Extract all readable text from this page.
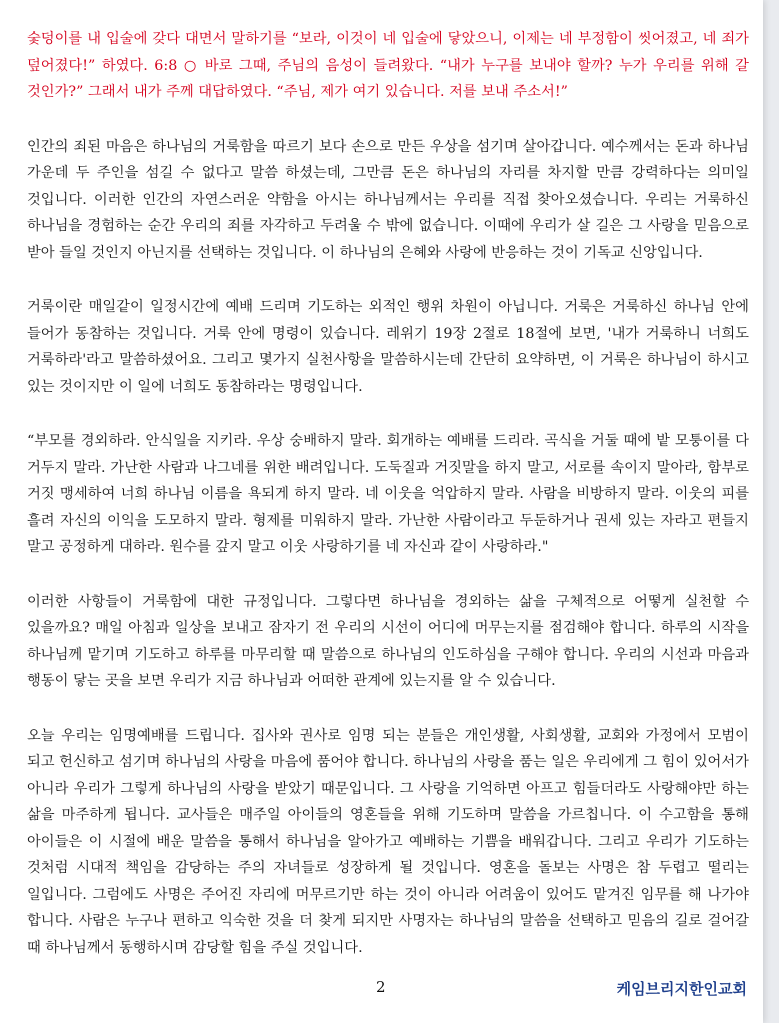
숯덩이를 내 입술에 갖다 대면서 말하기를 “보라, 이것이 네 입술에 닿았으니, 이제는 네 부정함이 씻어졌고, 네 죄가 덮어졌다!” 하였다. 6:8 ○ 바로 그때, 주님의 음성이 들려왔다. “내가 누구를 보내야 할까? 누가 우리를 위해 갈 것인가?” 그래서 내가 주께 대답하였다. “주님, 제가 여기 있습니다. 저를 보내 주소서!”

인간의 죄된 마음은 하나님의 거룩함을 따르기 보다 손으로 만든 우상을 섬기며 살아갑니다. 예수께서는 돈과 하나님 가운데 두 주인을 섬길 수 없다고 말씀 하셨는데, 그만큼 돈은 하나님의 자리를 차지할 만큼 강력하다는 의미일 것입니다. 이러한 인간의 자연스러운 약함을 아시는 하나님께서는 우리를 직접 찾아오셨습니다. 우리는 거룩하신 하나님을 경험하는 순간 우리의 죄를 자각하고 두려울 수 밖에 없습니다. 이때에 우리가 살 길은 그 사랑을 믿음으로 받아 들일 것인지 아닌지를 선택하는 것입니다. 이 하나님의 은혜와 사랑에 반응하는 것이 기독교 신앙입니다.

거룩이란 매일같이 일정시간에 예배 드리며 기도하는 외적인 행위 차원이 아닙니다. 거룩은 거룩하신 하나님 안에 들어가 동참하는 것입니다. 거룩 안에 명령이 있습니다. 레위기 19장 2절로 18절에 보면, '내가 거룩하니 너희도 거룩하라'라고 말씀하셨어요. 그리고 몇가지 실천사항을 말씀하시는데 간단히 요약하면, 이 거룩은 하나님이 하시고 있는 것이지만 이 일에 너희도 동참하라는 명령입니다.

“부모를 경외하라. 안식일을 지키라. 우상 숭배하지 말라. 회개하는 예배를 드리라. 곡식을 거둘 때에 밭 모퉁이를 다 거두지 말라. 가난한 사람과 나그네를 위한 배려입니다. 도둑질과 거짓말을 하지 말고, 서로를 속이지 말아라, 함부로 거짓 맹세하여 너희 하나님 이름을 욕되게 하지 말라. 네 이웃을 억압하지 말라. 사람을 비방하지 말라. 이웃의 피를 흘려 자신의 이익을 도모하지 말라. 형제를 미워하지 말라. 가난한 사람이라고 두둔하거나 권세 있는 자라고 편들지 말고 공정하게 대하라. 원수를 갚지 말고 이웃 사랑하기를 네 자신과 같이 사랑하라."

이러한 사항들이 거룩함에 대한 규정입니다. 그렇다면 하나님을 경외하는 삶을 구체적으로 어떻게 실천할 수 있을까요? 매일 아침과 일상을 보내고 잠자기 전 우리의 시선이 어디에 머무는지를 점검해야 합니다. 하루의 시작을 하나님께 맡기며 기도하고 하루를 마무리할 때 말씀으로 하나님의 인도하심을 구해야 합니다. 우리의 시선과 마음과 행동이 닿는 곳을 보면 우리가 지금 하나님과 어떠한 관계에 있는지를 알 수 있습니다.

오늘 우리는 임명예배를 드립니다. 집사와 권사로 임명 되는 분들은 개인생활, 사회생활, 교회와 가정에서 모범이 되고 헌신하고 섬기며 하나님의 사랑을 마음에 품어야 합니다. 하나님의 사랑을 품는 일은 우리에게 그 힘이 있어서가 아니라 우리가 그렇게 하나님의 사랑을 받았기 때문입니다. 그 사랑을 기억하면 아프고 힘들더라도 사랑해야만 하는 삶을 마주하게 됩니다. 교사들은 매주일 아이들의 영혼들을 위해 기도하며 말씀을 가르칩니다. 이 수고함을 통해 아이들은 이 시절에 배운 말씀을 통해서 하나님을 알아가고 예배하는 기쁨을 배워갑니다. 그리고 우리가 기도하는 것처럼 시대적 책임을 감당하는 주의 자녀들로 성장하게 될 것입니다. 영혼을 돌보는 사명은 참 두렵고 떨리는 일입니다. 그럼에도 사명은 주어진 자리에 머무르기만 하는 것이 아니라 어려움이 있어도 맡겨진 임무를 해 나가야 합니다. 사람은 누구나 편하고 익숙한 것을 더 찾게 되지만 사명자는 하나님의 말씀을 선택하고 믿음의 길로 걸어갈 때 하나님께서 동행하시며 감당할 힘을 주실 것입니다.

2	케임브리지한인교회
